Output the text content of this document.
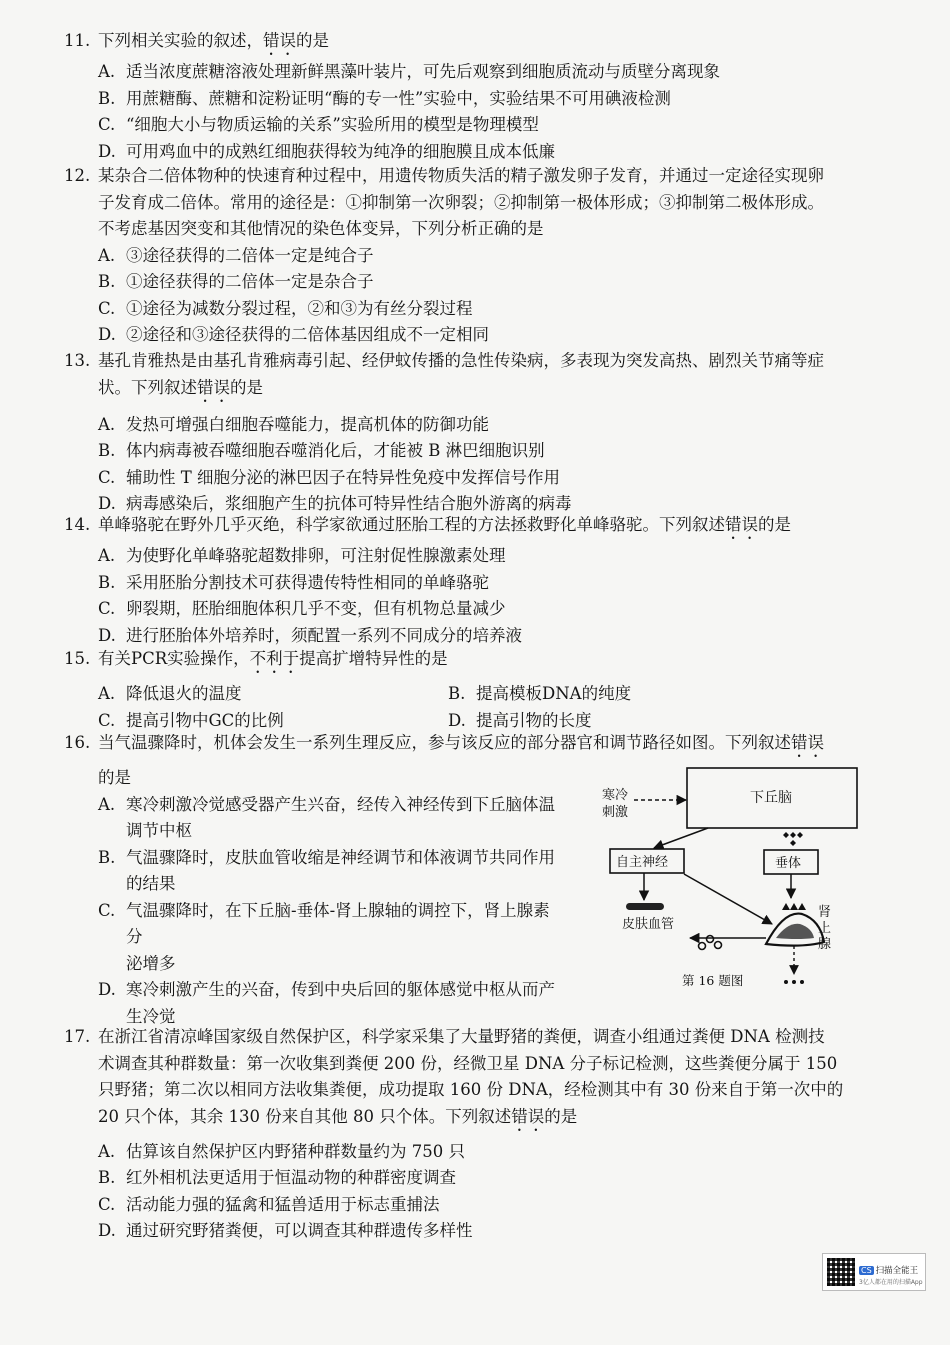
11. 下列相关实验的叙述，错误的是
A. 适当浓度蔗糖溶液处理新鲜黑藻叶装片，可先后观察到细胞质流动与质壁分离现象
B. 用蔗糖酶、蔗糖和淀粉证明“酶的专一性”实验中，实验结果不可用碘液检测
C. “细胞大小与物质运输的关系”实验所用的模型是物理模型
D. 可用鸡血中的成熟红细胞获得较为纯净的细胞膜且成本低廉
12. 某杂合二倍体物种的快速育种过程中，用遗传物质失活的精子激发卵子发育，并通过一定途径实现卵
子发育成二倍体。常用的途径是：①抑制第一次卵裂；②抑制第一极体形成；③抑制第二极体形成。
不考虑基因突变和其他情况的染色体变异，下列分析正确的是
A. ③途径获得的二倍体一定是纯合子
B. ①途径获得的二倍体一定是杂合子
C. ①途径为减数分裂过程，②和③为有丝分裂过程
D. ②途径和③途径获得的二倍体基因组成不一定相同
13. 基孔肯雅热是由基孔肯雅病毒引起、经伊蚊传播的急性传染病，多表现为突发高热、剧烈关节痛等症
状。下列叙述错误的是
A. 发热可增强白细胞吞噬能力，提高机体的防御功能
B. 体内病毒被吞噬细胞吞噬消化后，才能被 B 淋巴细胞识别
C. 辅助性 T 细胞分泌的淋巴因子在特异性免疫中发挥信号作用
D. 病毒感染后，浆细胞产生的抗体可特异性结合胞外游离的病毒
14. 单峰骆驼在野外几乎灭绝，科学家欲通过胚胎工程的方法拯救野化单峰骆驼。下列叙述错误的是
A. 为使野化单峰骆驼超数排卵，可注射促性腺激素处理
B. 采用胚胎分割技术可获得遗传特性相同的单峰骆驼
C. 卵裂期，胚胎细胞体积几乎不变，但有机物总量减少
D. 进行胚胎体外培养时，须配置一系列不同成分的培养液
15. 有关PCR实验操作，不利于提高扩增特异性的是
A. 降低退火的温度	B. 提高模板DNA的纯度
C. 提高引物中GC的比例	D. 提高引物的长度
16. 当气温骤降时，机体会发生一系列生理反应，参与该反应的部分器官和调节路径如图。下列叙述错误
的是
A. 寒冷刺激冷觉感受器产生兴奋，经传入神经传到下丘脑体温
调节中枢
B. 气温骤降时，皮肤血管收缩是神经调节和体液调节共同作用
的结果
C. 气温骤降时，在下丘脑-垂体-肾上腺轴的调控下，肾上腺素分
泌增多
D. 寒冷刺激产生的兴奋，传到中央后回的躯体感觉中枢从而产
生冷觉
下丘脑
寒冷
刺激
自主神经	垂体
肾
上
腺
皮肤血管
第 16 题图
17. 在浙江省清凉峰国家级自然保护区，科学家采集了大量野猪的粪便，调查小组通过粪便 DNA 检测技
术调查其种群数量：第一次收集到粪便 200 份，经微卫星 DNA 分子标记检测，这些粪便分属于 150
只野猪；第二次以相同方法收集粪便，成功提取 160 份 DNA，经检测其中有 30 份来自于第一次中的
20 只个体，其余 130 份来自其他 80 只个体。下列叙述错误的是
A. 估算该自然保护区内野猪种群数量约为 750 只
B. 红外相机法更适用于恒温动物的种群密度调查
C. 活动能力强的猛禽和猛兽适用于标志重捕法
D. 通过研究野猪粪便，可以调查其种群遗传多样性
CS 扫描全能王
3亿人都在用的扫描App
